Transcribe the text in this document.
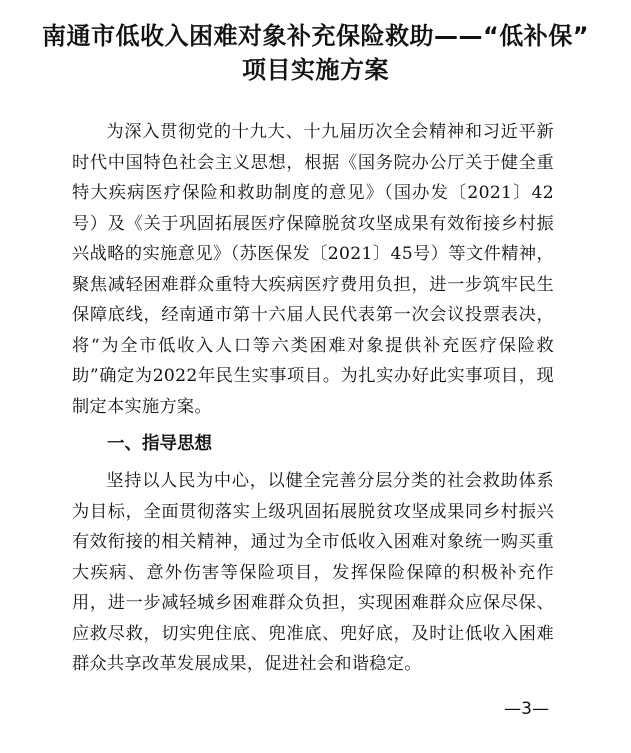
南通市低收入困难对象补充保险救助——“低补保”
项目实施方案

为深入贯彻党的十九大、十九届历次全会精神和习近平新时代中国特色社会主义思想，根据《国务院办公厅关于健全重特大疾病医疗保险和救助制度的意见》（国办发〔2021〕42号）及《关于巩固拓展医疗保障脱贫攻坚成果有效衔接乡村振兴战略的实施意见》（苏医保发〔2021〕45号）等文件精神，聚焦减轻困难群众重特大疾病医疗费用负担，进一步筑牢民生保障底线，经南通市第十六届人民代表第一次会议投票表决，将“为全市低收入人口等六类困难对象提供补充医疗保险救助”确定为2022年民生实事项目。为扎实办好此实事项目，现制定本实施方案。

一、指导思想

坚持以人民为中心，以健全完善分层分类的社会救助体系为目标，全面贯彻落实上级巩固拓展脱贫攻坚成果同乡村振兴有效衔接的相关精神，通过为全市低收入困难对象统一购买重大疾病、意外伤害等保险项目，发挥保险保障的积极补充作用，进一步减轻城乡困难群众负担，实现困难群众应保尽保、应救尽救，切实兜住底、兜准底、兜好底，及时让低收入困难群众共享改革发展成果，促进社会和谐稳定。

—3—
